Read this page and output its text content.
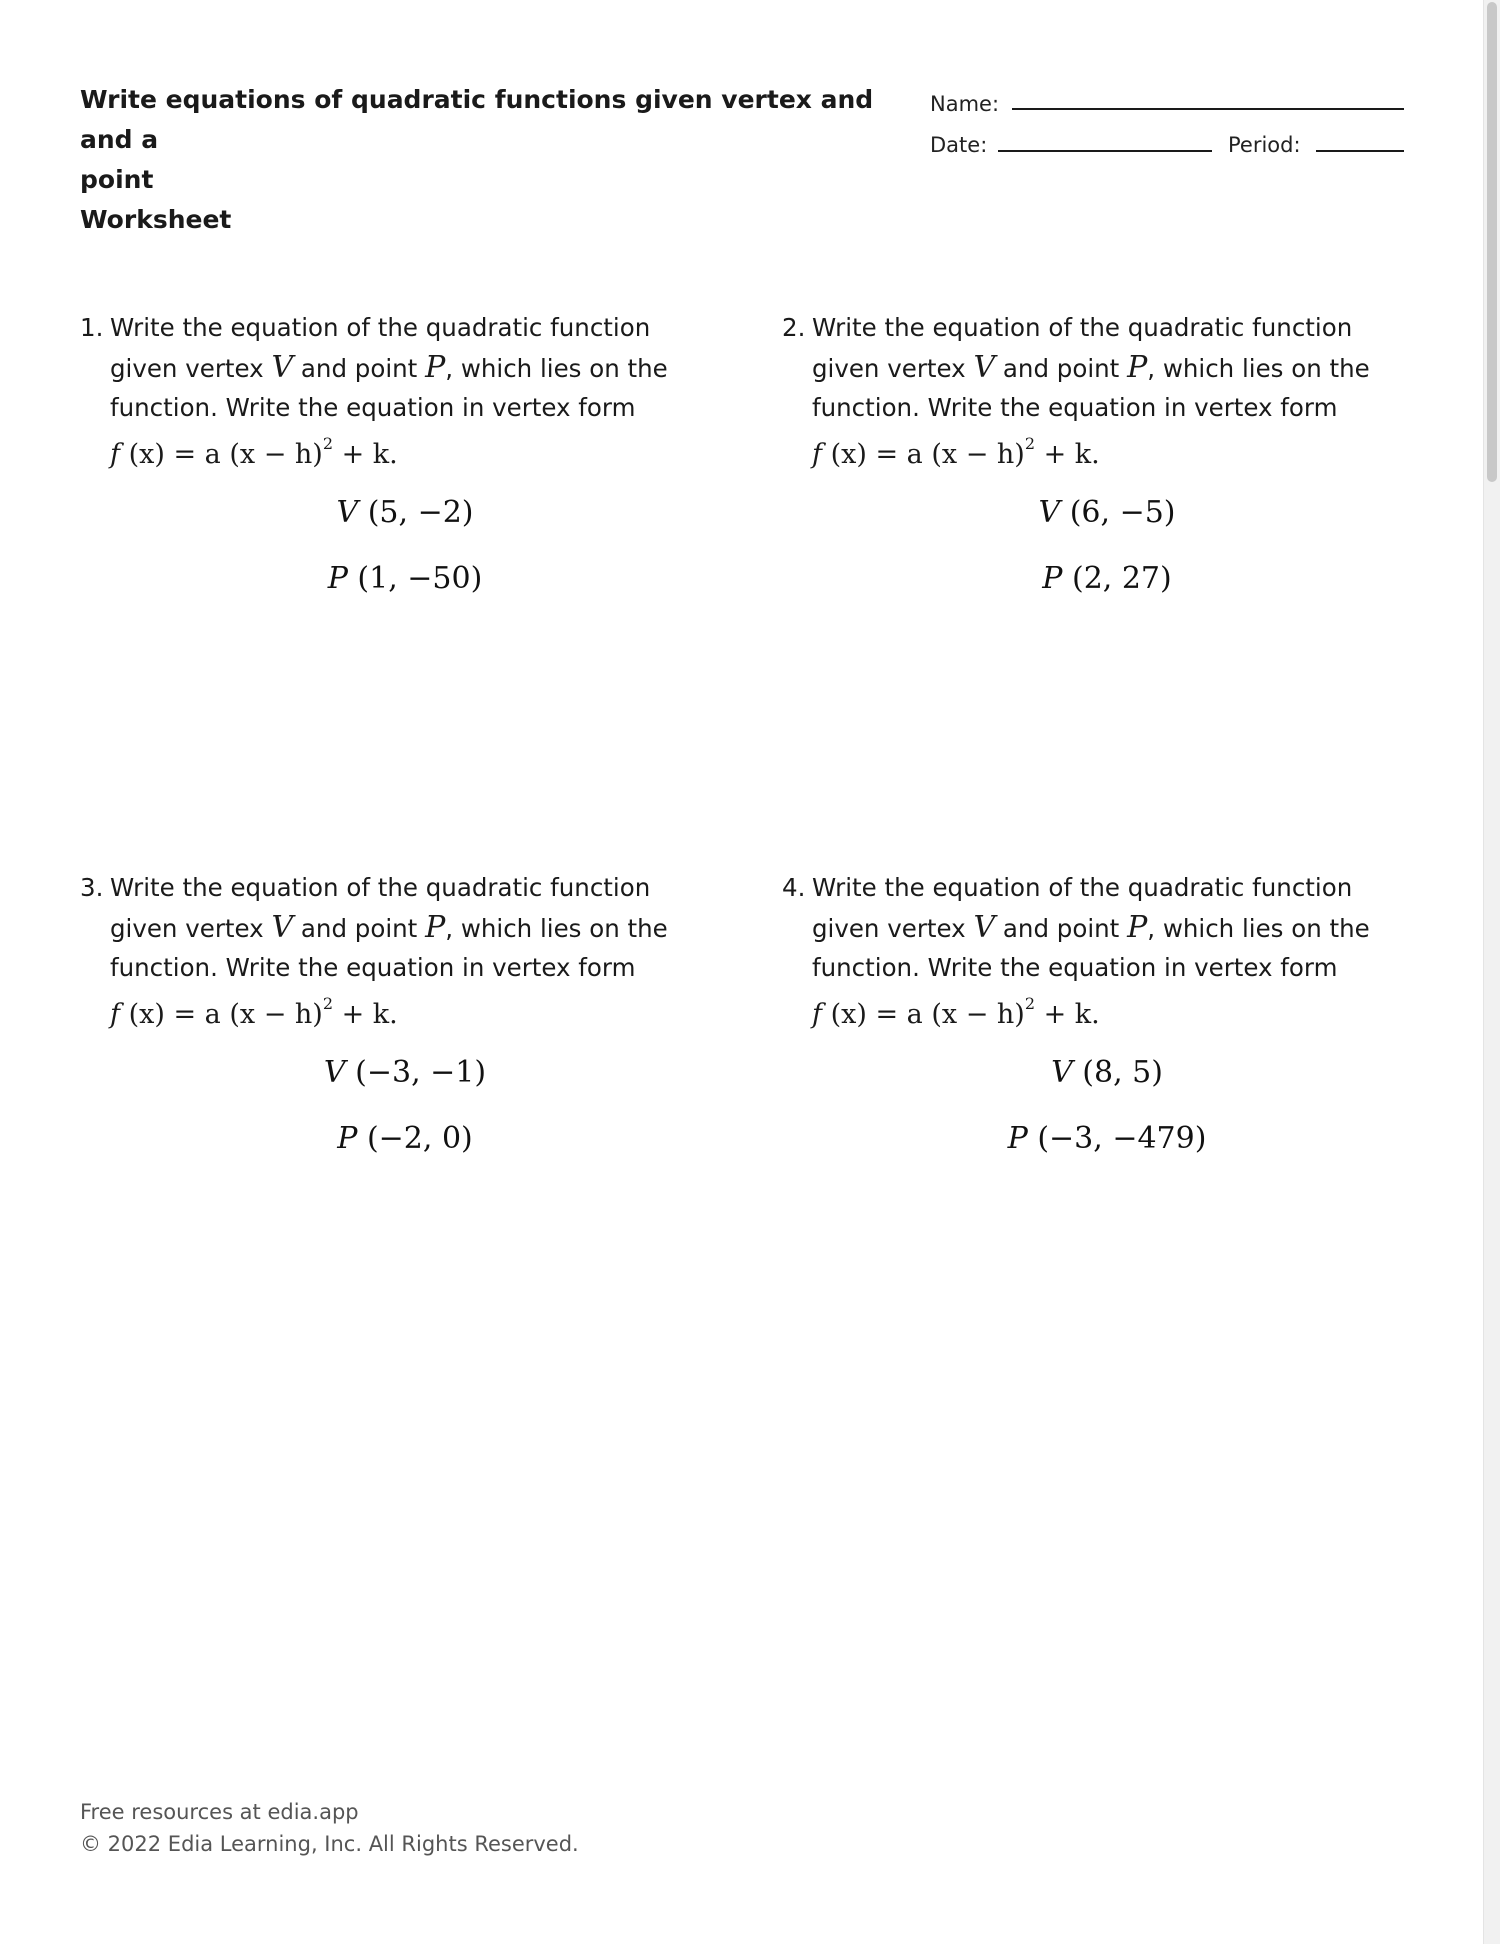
Write equations of quadratic functions given vertex and and a
point
Worksheet
Name:
Date:	Period:
1. Write the equation of the quadratic function
given vertex V and point P, which lies on the
function. Write the equation in vertex form
f (x) = a $(x - h)^2 + k$.
V (5, −2)
P (1, −50)
2. Write the equation of the quadratic function
given vertex V and point P, which lies on the
function. Write the equation in vertex form
f (x) = a $(x - h)^2 + k$.
V (6, −5)
P (2, 27)
3. Write the equation of the quadratic function
given vertex V and point P, which lies on the
function. Write the equation in vertex form
f (x) = a $(x - h)^2 + k$.
V (−3, −1)
P (−2, 0)
4. Write the equation of the quadratic function
given vertex V and point P, which lies on the
function. Write the equation in vertex form
f (x) = a $(x - h)^2 + k$.
V (8, 5)
P (−3, −479)
Free resources at edia.app
© 2022 Edia Learning, Inc. All Rights Reserved.
